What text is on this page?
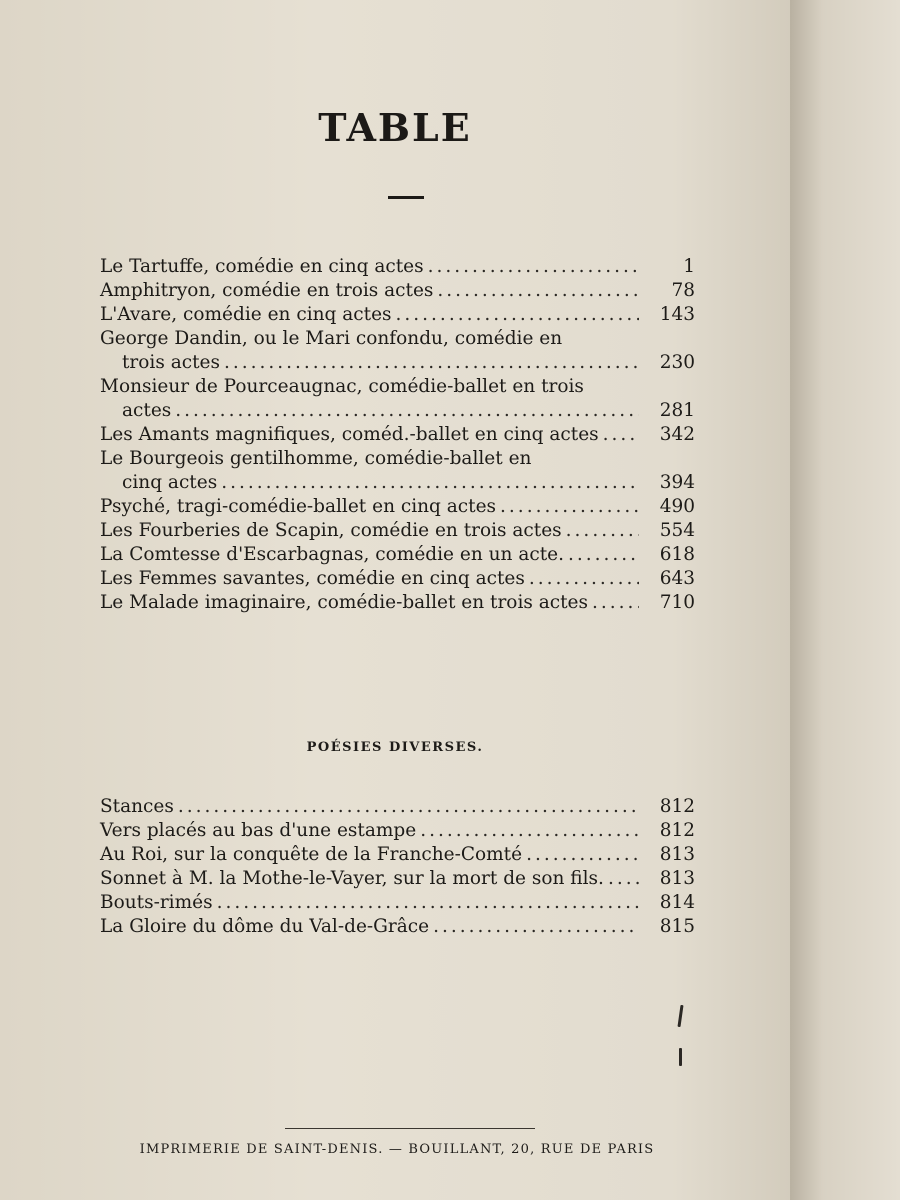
TABLE
Le Tartuffe, comédie en cinq actes .....	1
Amphitryon, comédie en trois actes .....	78
L'Avare, comédie en cinq actes .....	143
George Dandin, ou le Mari confondu, comédie en
trois actes .....	230
Monsieur de Pourceaugnac, comédie-ballet en trois
actes .....	281
Les Amants magnifiques, coméd.-ballet en cinq actes .....	342
Le Bourgeois gentilhomme, comédie-ballet en
cinq actes .....	394
Psyché, tragi-comédie-ballet en cinq actes .....	490
Les Fourberies de Scapin, comédie en trois actes .....	554
La Comtesse d'Escarbagnas, comédie en un acte. .....	618
Les Femmes savantes, comédie en cinq actes .....	643
Le Malade imaginaire, comédie-ballet en trois actes .....	710
POÉSIES DIVERSES.
Stances .....	812
Vers placés au bas d'une estampe .....	812
Au Roi, sur la conquête de la Franche-Comté .....	813
Sonnet à M. la Mothe-le-Vayer, sur la mort de son fils. .....	813
Bouts-rimés .....	814
La Gloire du dôme du Val-de-Grâce .....	815
IMPRIMERIE DE SAINT-DENIS. — BOUILLANT, 20, RUE DE PARIS
